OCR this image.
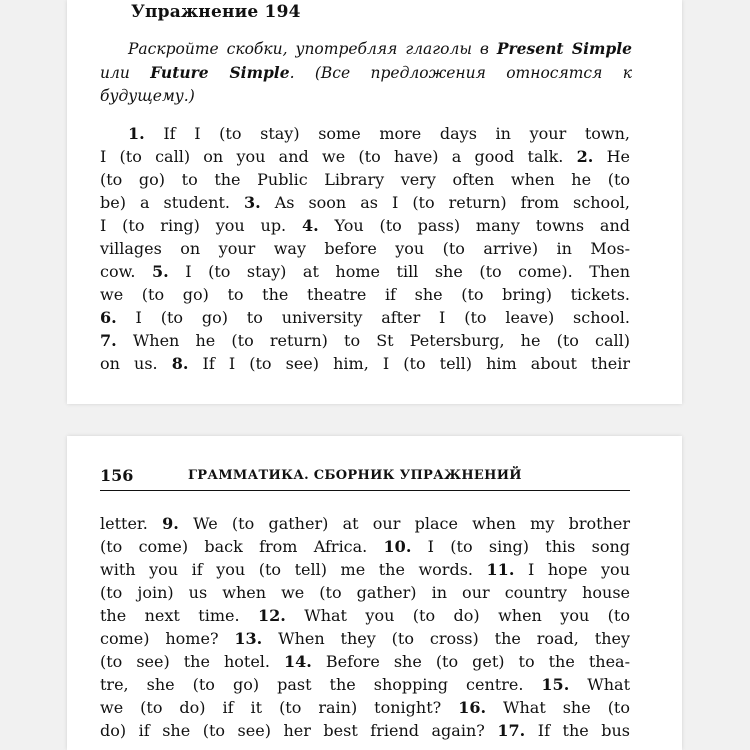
Упражнение 194
Раскройте скобки, употребляя глаголы в Present Simple или Future Simple. (Все предложения относятся к будущему.)
1. If I (to stay) some more days in your town,
I (to call) on you and we (to have) a good talk. 2. He
(to go) to the Public Library very often when he (to
be) a student. 3. As soon as I (to return) from school,
I (to ring) you up. 4. You (to pass) many towns and
villages on your way before you (to arrive) in Mos-
cow. 5. I (to stay) at home till she (to come). Then
we (to go) to the theatre if she (to bring) tickets.
6. I (to go) to university after I (to leave) school.
7. When he (to return) to St Petersburg, he (to call)
on us. 8. If I (to see) him, I (to tell) him about their
156	ГРАММАТИКА. СБОРНИК УПРАЖНЕНИЙ
letter. 9. We (to gather) at our place when my brother
(to come) back from Africa. 10. I (to sing) this song
with you if you (to tell) me the words. 11. I hope you
(to join) us when we (to gather) in our country house
the next time. 12. What you (to do) when you (to
come) home? 13. When they (to cross) the road, they
(to see) the hotel. 14. Before she (to get) to the thea-
tre, she (to go) past the shopping centre. 15. What
we (to do) if it (to rain) tonight? 16. What she (to
do) if she (to see) her best friend again? 17. If the bus
